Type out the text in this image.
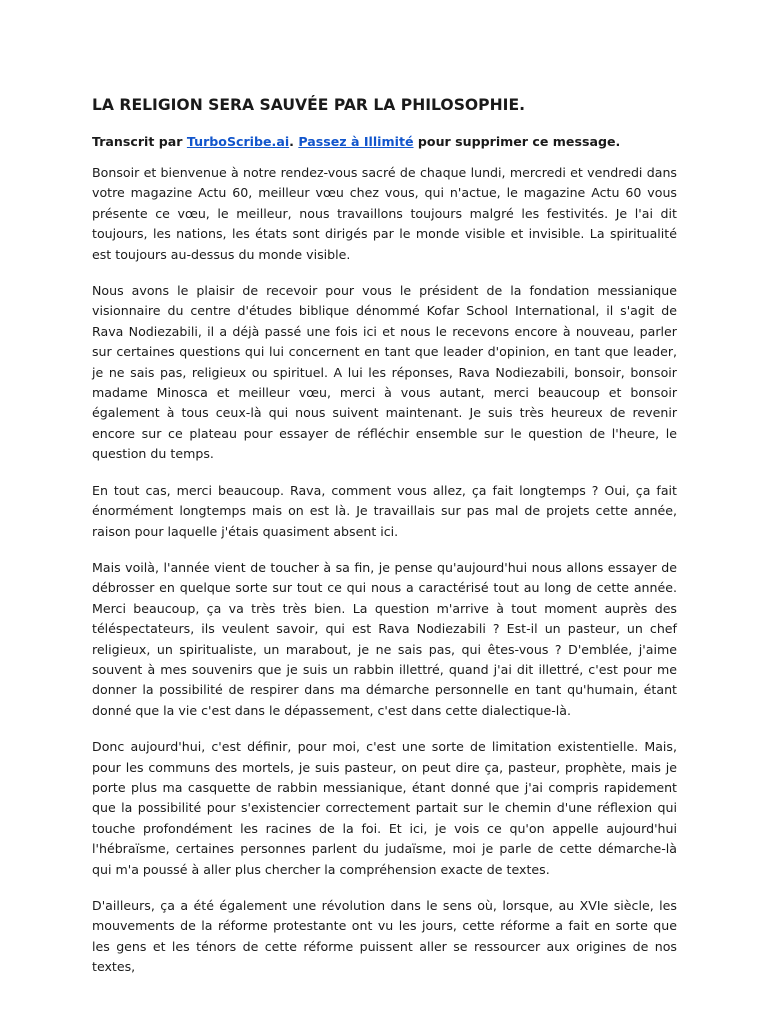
LA RELIGION SERA SAUVÉE PAR LA PHILOSOPHIE.

Transcrit par TurboScribe.ai. Passez à Illimité pour supprimer ce message.

Bonsoir et bienvenue à notre rendez-vous sacré de chaque lundi, mercredi et vendredi dans votre magazine Actu 60, meilleur vœu chez vous, qui n'actue, le magazine Actu 60 vous présente ce vœu, le meilleur, nous travaillons toujours malgré les festivités. Je l'ai dit toujours, les nations, les états sont dirigés par le monde visible et invisible. La spiritualité est toujours au-dessus du monde visible.

Nous avons le plaisir de recevoir pour vous le président de la fondation messianique visionnaire du centre d'études biblique dénommé Kofar School International, il s'agit de Rava Nodiezabili, il a déjà passé une fois ici et nous le recevons encore à nouveau, parler sur certaines questions qui lui concernent en tant que leader d'opinion, en tant que leader, je ne sais pas, religieux ou spirituel. A lui les réponses, Rava Nodiezabili, bonsoir, bonsoir madame Minosca et meilleur vœu, merci à vous autant, merci beaucoup et bonsoir également à tous ceux-là qui nous suivent maintenant. Je suis très heureux de revenir encore sur ce plateau pour essayer de réfléchir ensemble sur le question de l'heure, le question du temps.

En tout cas, merci beaucoup. Rava, comment vous allez, ça fait longtemps ? Oui, ça fait énormément longtemps mais on est là. Je travaillais sur pas mal de projets cette année, raison pour laquelle j'étais quasiment absent ici.

Mais voilà, l'année vient de toucher à sa fin, je pense qu'aujourd'hui nous allons essayer de débrosser en quelque sorte sur tout ce qui nous a caractérisé tout au long de cette année. Merci beaucoup, ça va très très bien. La question m'arrive à tout moment auprès des téléspectateurs, ils veulent savoir, qui est Rava Nodiezabili ? Est-il un pasteur, un chef religieux, un spiritualiste, un marabout, je ne sais pas, qui êtes-vous ? D'emblée, j'aime souvent à mes souvenirs que je suis un rabbin illettré, quand j'ai dit illettré, c'est pour me donner la possibilité de respirer dans ma démarche personnelle en tant qu'humain, étant donné que la vie c'est dans le dépassement, c'est dans cette dialectique-là.

Donc aujourd'hui, c'est définir, pour moi, c'est une sorte de limitation existentielle. Mais, pour les communs des mortels, je suis pasteur, on peut dire ça, pasteur, prophète, mais je porte plus ma casquette de rabbin messianique, étant donné que j'ai compris rapidement que la possibilité pour s'existencier correctement partait sur le chemin d'une réflexion qui touche profondément les racines de la foi. Et ici, je vois ce qu'on appelle aujourd'hui l'hébraïsme, certaines personnes parlent du judaïsme, moi je parle de cette démarche-là qui m'a poussé à aller plus chercher la compréhension exacte de textes.

D'ailleurs, ça a été également une révolution dans le sens où, lorsque, au XVIe siècle, les mouvements de la réforme protestante ont vu les jours, cette réforme a fait en sorte que les gens et les ténors de cette réforme puissent aller se ressourcer aux origines de nos textes,
